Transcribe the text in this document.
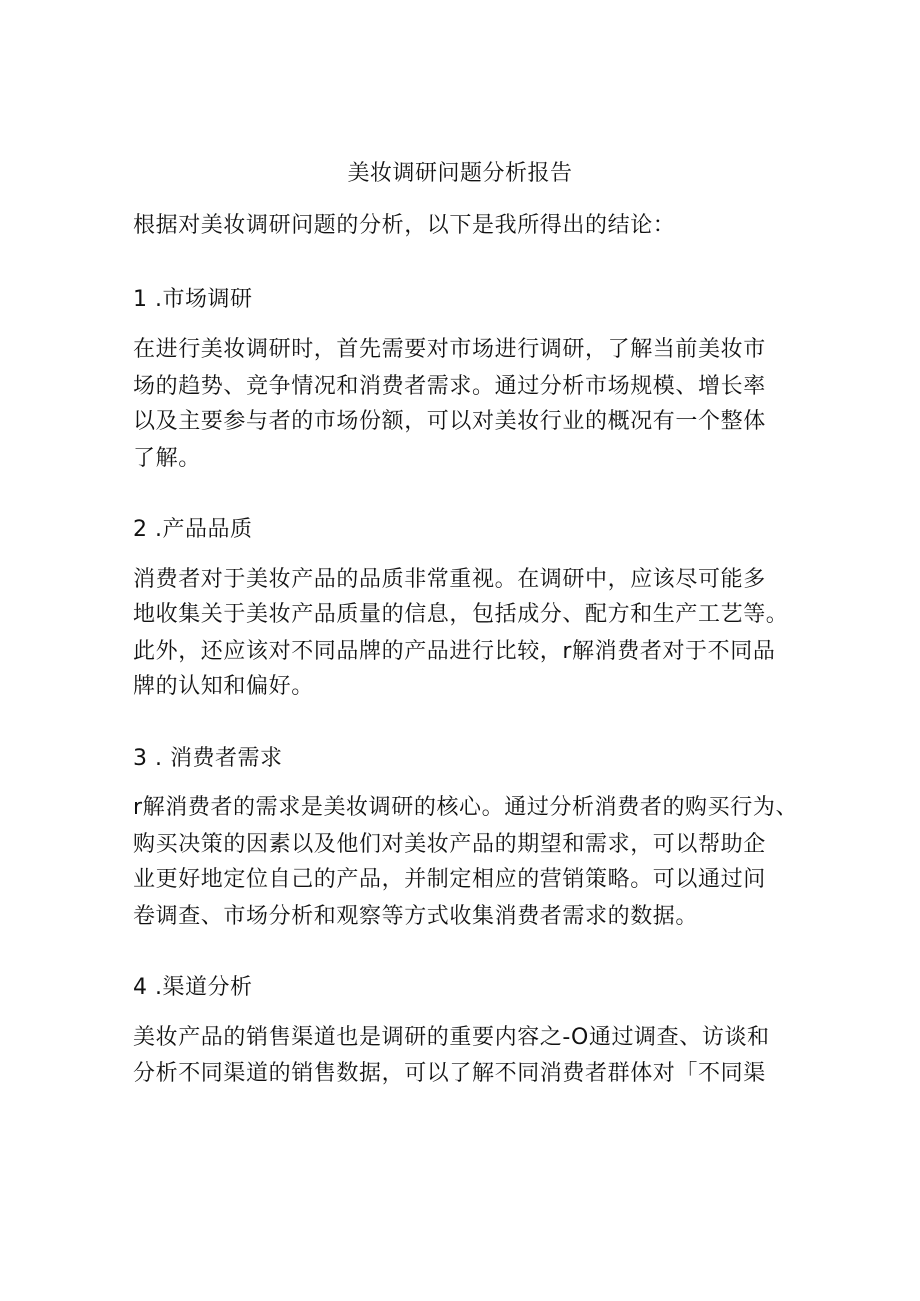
美妆调研问题分析报告
根据对美妆调研问题的分析，以下是我所得出的结论：
1 .市场调研
在进行美妆调研时，首先需要对市场进行调研，了解当前美妆市
场的趋势、竞争情况和消费者需求。通过分析市场规模、增长率
以及主要参与者的市场份额，可以对美妆行业的概况有一个整体
了解。
2 .产品品质
消费者对于美妆产品的品质非常重视。在调研中，应该尽可能多
地收集关于美妆产品质量的信息，包括成分、配方和生产工艺等。
此外，还应该对不同品牌的产品进行比较，r解消费者对于不同品
牌的认知和偏好。
3 . 消费者需求
r解消费者的需求是美妆调研的核心。通过分析消费者的购买行为、
购买决策的因素以及他们对美妆产品的期望和需求，可以帮助企
业更好地定位自己的产品，并制定相应的营销策略。可以通过问
卷调查、市场分析和观察等方式收集消费者需求的数据。
4 .渠道分析
美妆产品的销售渠道也是调研的重要内容之-O通过调查、访谈和
分析不同渠道的销售数据，可以了解不同消费者群体对「不同渠
